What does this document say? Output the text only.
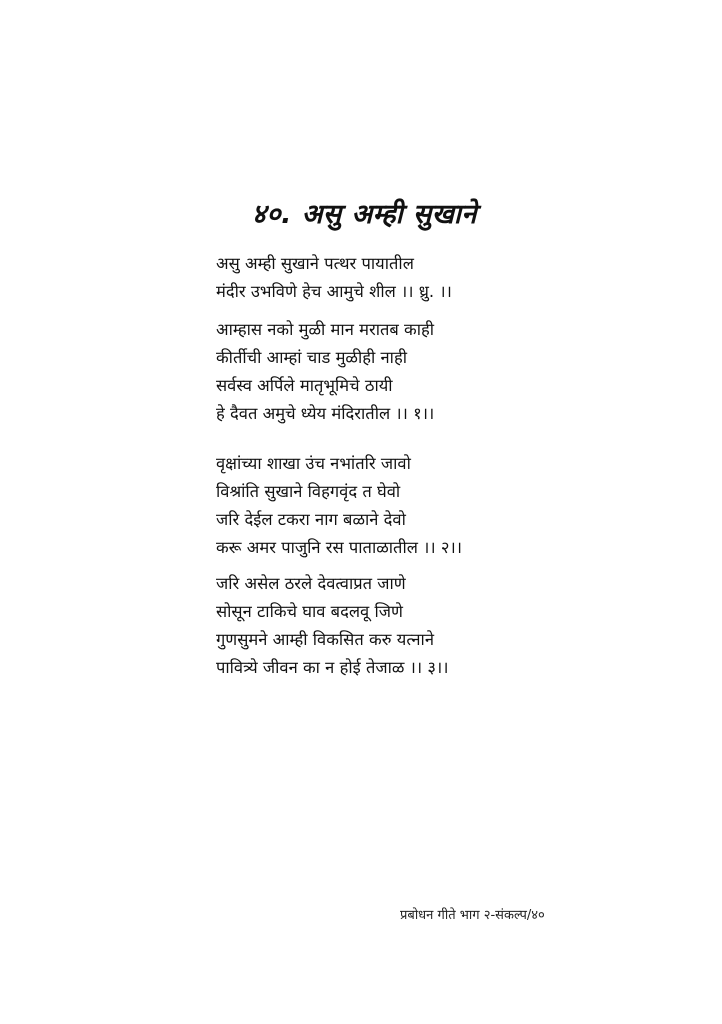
४०. असु अम्ही सुखाने
असु अम्ही सुखाने पत्थर पायातील
मंदीर उभविणे हेच आमुचे शील ।। ध्रु. ।।
आम्हास नको मुळी मान मरातब काही
कीर्तीची आम्हां चाड मुळीही नाही
सर्वस्व अर्पिले मातृभूमिचे ठायी
हे दैवत अमुचे ध्येय मंदिरातील ।। १।।
वृक्षांच्या शाखा उंच नभांतरि जावो
विश्रांति सुखाने विहगवृंद त घेवो
जरि देईल टकरा नाग बळाने देवो
करू अमर पाजुनि रस पाताळातील ।। २।।
जरि असेल ठरले देवत्वाप्रत जाणे
सोसून टाकिचे घाव बदलवू जिणे
गुणसुमने आम्ही विकसित करु यत्नाने
पावित्र्ये जीवन का न होई तेजाळ ।। ३।।
प्रबोधन गीते भाग २-संकल्प/४०
